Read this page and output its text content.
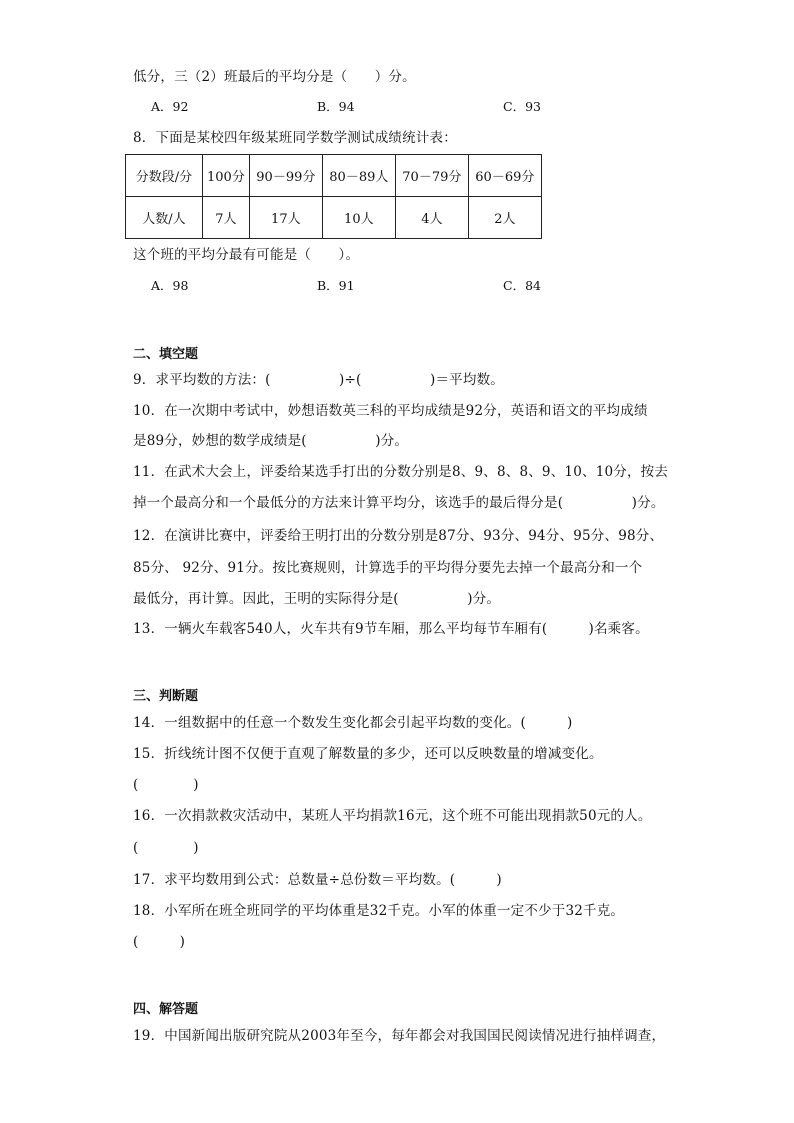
低分，三（2）班最后的平均分是（　　）分。
A．92	B．94	C．93
8．下面是某校四年级某班同学数学测试成绩统计表：
分数段/分	100分	90－99分	80－89人	70－79分	60－69分
人数/人	7人	17人	10人	4人	2人
这个班的平均分最有可能是（　　）。
A．98	B．91	C．84
二、填空题
9．求平均数的方法：(　　　　　)÷(　　　　　)＝平均数。
10．在一次期中考试中，妙想语数英三科的平均成绩是92分，英语和语文的平均成绩
是89分，妙想的数学成绩是(　　　　　)分。
11．在武术大会上，评委给某选手打出的分数分别是8、9、8、8、9、10、10分，按去
掉一个最高分和一个最低分的方法来计算平均分，该选手的最后得分是(　　　　　)分。
12．在演讲比赛中，评委给王明打出的分数分别是87分、93分、94分、95分、98分、
85分、 92分、91分。按比赛规则，计算选手的平均得分要先去掉一个最高分和一个
最低分，再计算。因此，王明的实际得分是(　　　　　)分。
13．一辆火车载客540人，火车共有9节车厢，那么平均每节车厢有(　　　)名乘客。
三、判断题
14．一组数据中的任意一个数发生变化都会引起平均数的变化。(　　　)
15．折线统计图不仅便于直观了解数量的多少，还可以反映数量的增减变化。
(　　　　)
16．一次捐款救灾活动中，某班人平均捐款16元，这个班不可能出现捐款50元的人。
(　　　　)
17．求平均数用到公式：总数量÷总份数＝平均数。(　　　)
18．小军所在班全班同学的平均体重是32千克。小军的体重一定不少于32千克。
(　　　)
四、解答题
19．中国新闻出版研究院从2003年至今，每年都会对我国国民阅读情况进行抽样调查，
